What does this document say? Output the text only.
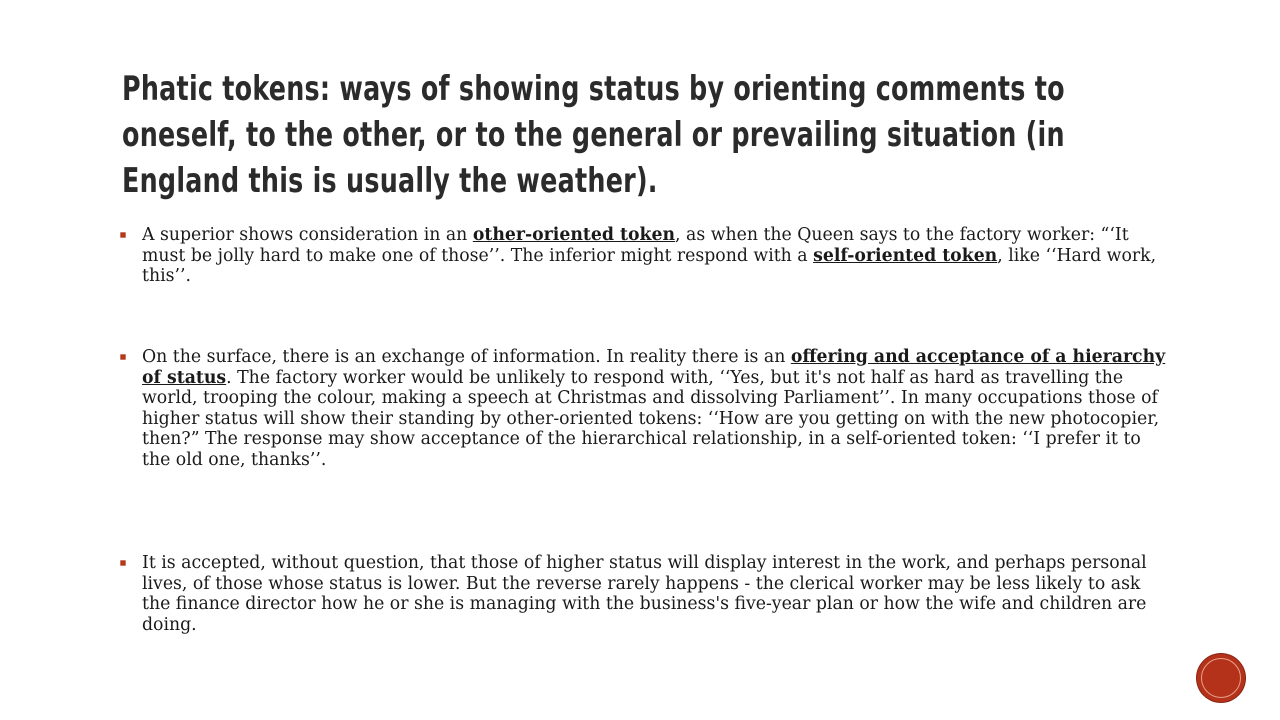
Phatic tokens: ways of showing status by orienting comments to oneself, to the other, or to the general or prevailing situation (in England this is usually the weather).
A superior shows consideration in an other-oriented token, as when the Queen says to the factory worker: “‘It must be jolly hard to make one of those’’. The inferior might respond with a self-oriented token, like ‘‘Hard work, this’’.
On the surface, there is an exchange of information. In reality there is an offering and acceptance of a hierarchy of status. The factory worker would be unlikely to respond with, ‘‘Yes, but it's not half as hard as travelling the world, trooping the colour, making a speech at Christmas and dissolving Parliament’’. In many occupations those of higher status will show their standing by other-oriented tokens: ‘‘How are you getting on with the new photocopier, then?” The response may show acceptance of the hierarchical relationship, in a self-oriented token: ‘‘I prefer it to the old one, thanks’’.
It is accepted, without question, that those of higher status will display interest in the work, and perhaps personal lives, of those whose status is lower. But the reverse rarely happens - the clerical worker may be less likely to ask the finance director how he or she is managing with the business's five-year plan or how the wife and children are doing.
